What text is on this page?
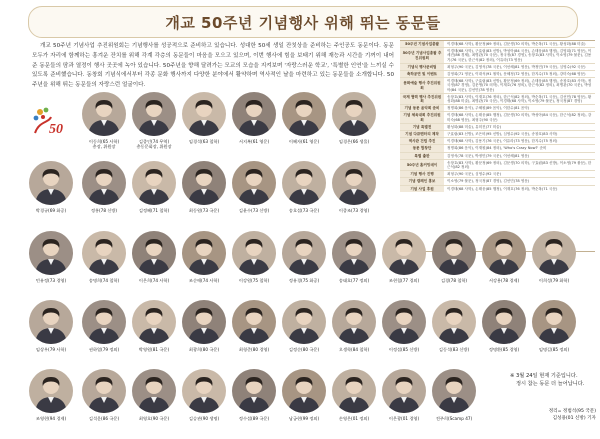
개교 50주년 기념행사 위해 뛰는 동문들
개교 50주년 기념사업 추진위원회는 기념행사를 성공적으로 준비하고 있습니다. 성대한 50세 생일 잔칫상을 준비하는 주인공도 동문이다. 동문 모두가 자리에 함께하는 흥겨운 잔치를 위해 각계 각층의 동문들이 마음을 모으고 있으며, 이번 행사에 힘을 보태기 위해 재능과 시간을 기꺼이 내어 준 동문들의 땀과 열정이 행사 곳곳에 녹아 있습니다. 50주년을 향해 달려가는 모교의 모습을 지켜보며 '자랑스러운 학교', '특별한 인연'을 느끼실 수 있도록 준비했습니다. 동창회 기념식에서부터 각종 문화 행사까지 다양한 분야에서 활약하며 역사적인 날을 마련하고 있는 동문들을 소개합니다. 50주년을 위해 뛰는 동문들의 자랑스런 얼굴이다.
50주년 기념사업총괄	이경태(68 사학), 황문정(69 정외), 김문생(70 의학), 박순복(71 국문), 황성화(88 미술)
50주년 기념사업총괄 추진위원회
이경태(68 사학), 구효림(83 신방), 박성아(84 국문), 손태웅(85 행정), 김영희(71 영문), 이세진(86 경제), 최병관(70 국문), 정국정(87 경영), 송창호(83 사학), 이소영(79 불문), 김용기(76 국문), 한근석(82 정외), 이유라(73 영문)
기념식 행사준비팀	최형주(90 국문), 김영석(78 국문), 이선혜(81 영문), 박정민(79 국문), 심영수(92 국문)
축하공연 및 이벤트	김영희(71 영문), 이대석(91 철학), 문혜정(72 영문), 한지수(75 정외), 강미숙(68 영문)
문화예술 행사 추진위원회
이경태(68 사학), 구효림(83 신방), 황문정(69 정외), 손태웅(85 행정), 송창호(83 사학), 정국정(87 경영), 김문생(70 의학), 이재호(76 정외), 한근석(82 정외), 최병관(70 국문), 박성아(84 국문), 김선민(78 영문)
국제 협력 행사 추진위원회
송창호(83 사학), 이재호(76 정외), 한근석(82 정외), 박순복(71 국문), 김선민(78 영문), 황성화(88 미술), 최병관(70 국문), 이경태(68 사학), 이소영(79 불문), 정국정(87 경영)
기념 동문 음악회 준비	정명희(86 음악), 주혜원(89 음악), 이한수(81 음악)
기념 체육대회 추진위원회
이경태(68 사학), 손태웅(85 행정), 김문생(70 의학), 박성아(84 국문), 한근석(82 정외), 강미숙(68 영문), 최형주(90 국문)
기념 특별전	황성화(88 미술), 유미진(77 미술)
기념 다큐멘터리 제작	구효림(83 신방), 조은비(95 신방), 심영수(92 국문), 송창호(83 사학)
역사관 건립 추진	이경태(68 사학), 김용기(76 국문), 이유라(73 영문), 한지수(75 정외)
동문 합창단	정명희(86 음악), 이재원(84 정외), 'Who's Crazy Now?' 준비
특별 출판	김영석(78 국문), 박정민(79 국문), 이선혜(81 영문)
50주년 홈커밍데이
송창호(83 사학), 황문정(69 정외), 김문생(70 의학), 구효림(83 신방), 이소영(79 불문), 한근석(82 정외)
기념 행사 진행	최형주(90 국문), 심영수(92 국문)
기념 캠페인 홍보	이소영(79 불문), 정국정(87 경영), 김선민(78 영문)
기념 사업 후원	이경태(68 사학), 손태웅(85 행정), 이재호(76 정외), 박순복(71 국문)
50
이동희(65 사학)
총장, 위원장
김종인(74 무역)
총동문회장, 위원장
임경석(63 철학)	서지복(61 영문)	이혜자(61 영문)	임경은(66 생물)
박경규(69 화공)	정홍(78 신방)	김정혜(71 철학)	최동원(73 국문)	김윤수(73 신방)	송호섭(73 국문)	이종조(73 경영)
민유정(73 경영)	송명희(74 철학)	이은희(74 사학)	조순애(74 사학)	이강원(75 철학)	정유경(75 화공)	송태호(77 정외)	조현철(77 경외)	김경(78 철학)	서강용(78 경제)	이희성(79 화학)
임상우(79 사학)	권하열(79 정외)	박영원(81 국문)	최광희(80 국문)	최형준(80 경영)	김정순(80 국문)	오생학(84 철학)	이정섭(85 신방)	김동석(83 신방)	정명환(85 경영)	임명길(85 정외)
조영현(94 경제)	김석운(86 국문)	최영호(90 국문)	김승관(90 생명)	정수섭(89 국문)	남궁현(99 정외)	손영은(01 정외)	이은광(01 경영)	전주희(Scamp 47)
※ 3월 24일 현재 기준입니다.
정시 참는 동문 더 늘어납니다.
정리= 정범석(95 국문)
김성용(01 신방) 기자
